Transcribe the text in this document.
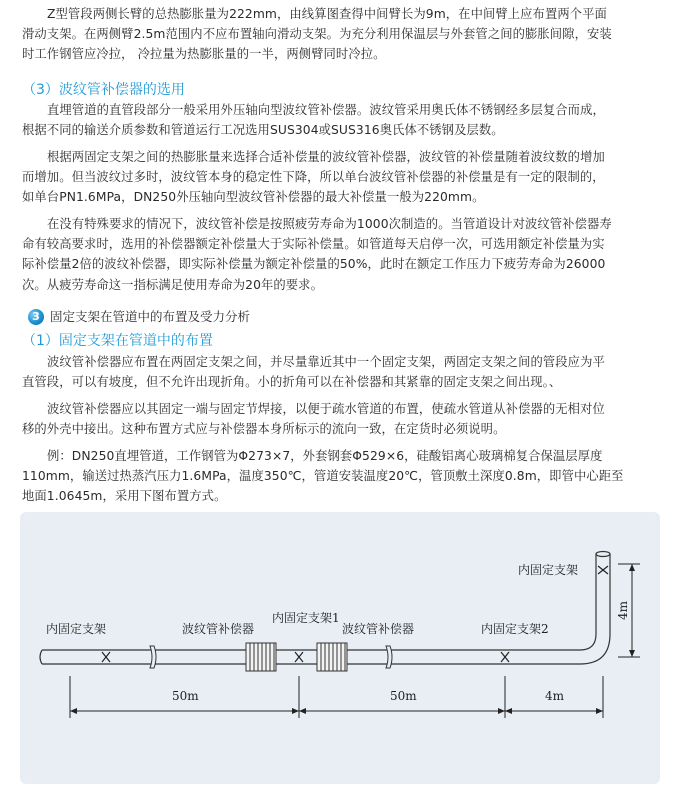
Z型管段两侧长臂的总热膨胀量为222mm，由线算图查得中间臂长为9m，在中间臂上应布置两个平面
滑动支架。在两侧臂2.5m范围内不应布置轴向滑动支架。为充分利用保温层与外套管之间的膨胀间隙，安装
时工作钢管应冷拉， 冷拉量为热膨胀量的一半，两侧臂同时冷拉。
（3）波纹管补偿器的选用
直埋管道的直管段部分一般采用外压轴向型波纹管补偿器。波纹管采用奥氏体不锈钢经多层复合而成，
根据不同的输送介质参数和管道运行工况选用SUS304或SUS316奥氏体不锈钢及层数。
根据两固定支架之间的热膨胀量来选择合适补偿量的波纹管补偿器，波纹管的补偿量随着波纹数的增加
而增加。但当波纹过多时，波纹管本身的稳定性下降，所以单台波纹管补偿器的补偿量是有一定的限制的，
如单台PN1.6MPa，DN250外压轴向型波纹管补偿器的最大补偿量一般为220mm。
在没有特殊要求的情况下，波纹管补偿是按照疲劳寿命为1000次制造的。当管道设计对波纹管补偿器寿
命有较高要求时，选用的补偿器额定补偿量大于实际补偿量。如管道每天启停一次，可选用额定补偿量为实
际补偿量2倍的波纹补偿器，即实际补偿量为额定补偿量的50%，此时在额定工作压力下疲劳寿命为26000
次。从疲劳寿命这一指标满足使用寿命为20年的要求。
3 固定支架在管道中的布置及受力分析
（1）固定支架在管道中的布置
波纹管补偿器应布置在两固定支架之间，并尽量靠近其中一个固定支架，两固定支架之间的管段应为平
直管段，可以有坡度，但不允许出现折角。小的折角可以在补偿器和其紧靠的固定支架之间出现。、
波纹管补偿器应以其固定一端与固定节焊接，以便于疏水管道的布置，使疏水管道从补偿器的无相对位
移的外壳中接出。这种布置方式应与补偿器本身所标示的流向一致，在定货时必须说明。
例：DN250直埋管道，工作钢管为Φ273×7，外套钢套Φ529×6，硅酸铝离心玻璃棉复合保温层厚度
110mm，输送过热蒸汽压力1.6MPa，温度350℃，管道安装温度20℃，管顶敷土深度0.8m，即管中心距至
地面1.0645m，采用下图布置方式。
内固定支架	波纹管补偿器
内固定支架1
波纹管补偿器	内固定支架2
内固定支架
50m	50m	4m
4m
